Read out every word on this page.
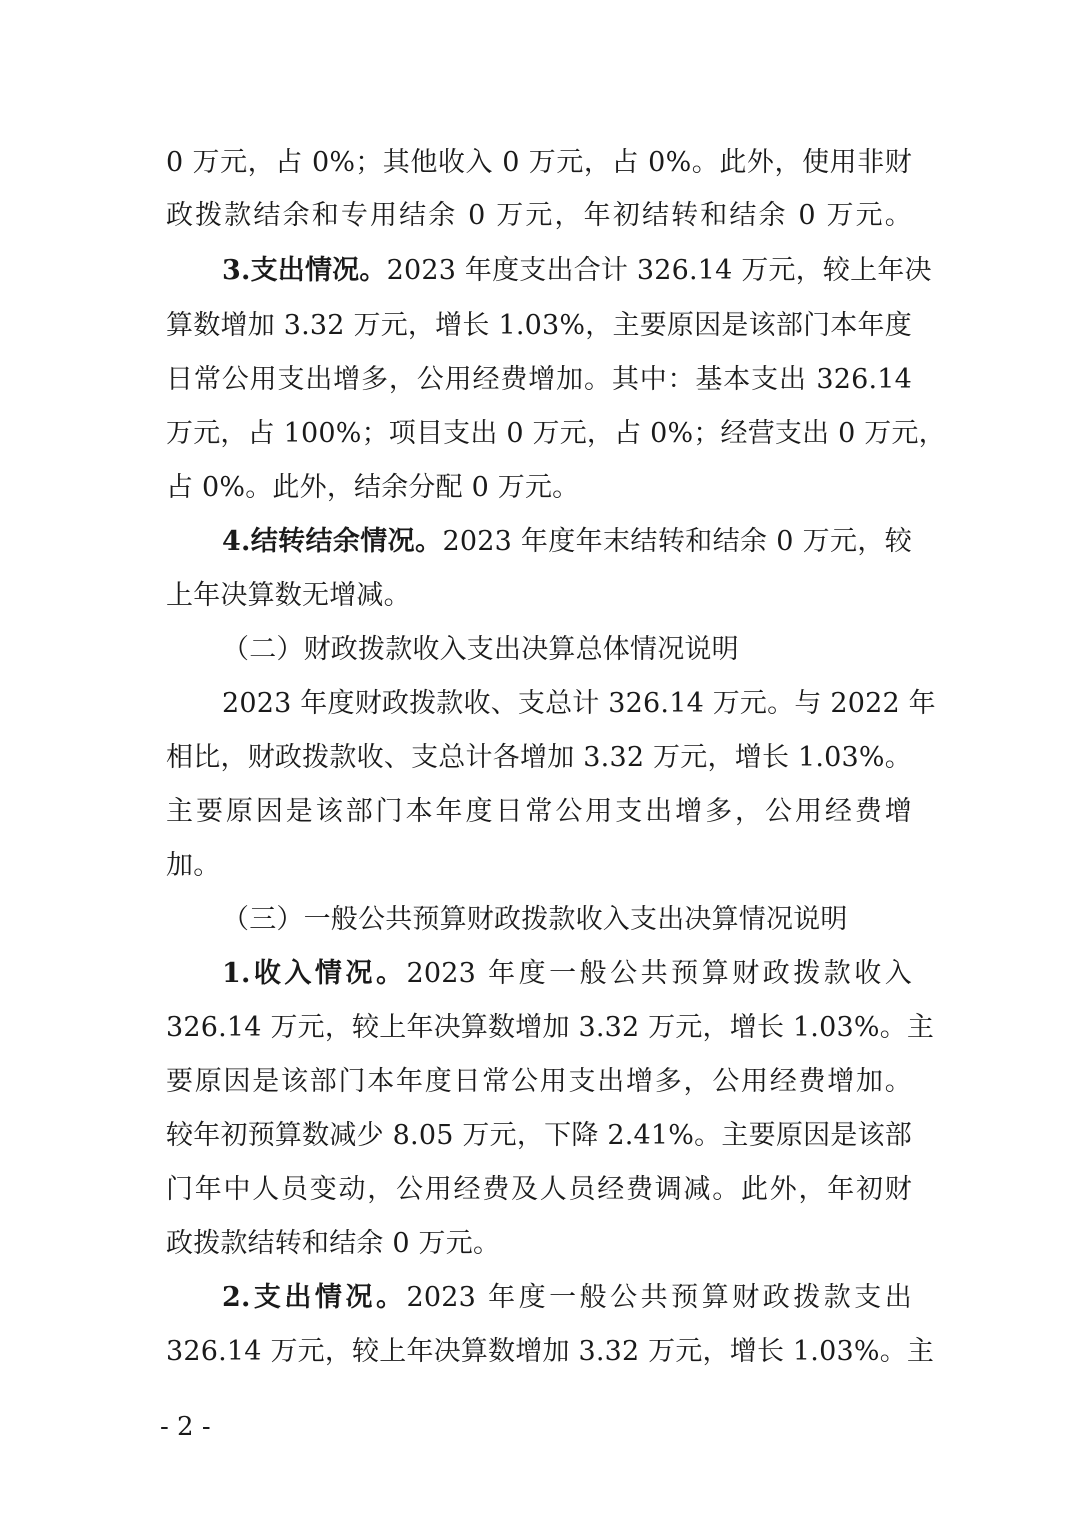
0 万元，占 0%；其他收入 0 万元，占 0%。此外，使用非财
政拨款结余和专用结余 0 万元，年初结转和结余 0 万元。
3.支出情况。2023 年度支出合计 326.14 万元，较上年决
算数增加 3.32 万元，增长 1.03%，主要原因是该部门本年度
日常公用支出增多，公用经费增加。其中：基本支出 326.14
万元，占 100%；项目支出 0 万元，占 0%；经营支出 0 万元，
占 0%。此外，结余分配 0 万元。
4.结转结余情况。2023 年度年末结转和结余 0 万元，较
上年决算数无增减。
（二）财政拨款收入支出决算总体情况说明
2023 年度财政拨款收、支总计 326.14 万元。与 2022 年
相比，财政拨款收、支总计各增加 3.32 万元，增长 1.03%。
主要原因是该部门本年度日常公用支出增多，公用经费增
加。
（三）一般公共预算财政拨款收入支出决算情况说明
1.收入情况。2023 年度一般公共预算财政拨款收入
326.14 万元，较上年决算数增加 3.32 万元，增长 1.03%。主
要原因是该部门本年度日常公用支出增多，公用经费增加。
较年初预算数减少 8.05 万元，下降 2.41%。主要原因是该部
门年中人员变动，公用经费及人员经费调减。此外，年初财
政拨款结转和结余 0 万元。
2.支出情况。2023 年度一般公共预算财政拨款支出
326.14 万元，较上年决算数增加 3.32 万元，增长 1.03%。主
- 2 -
